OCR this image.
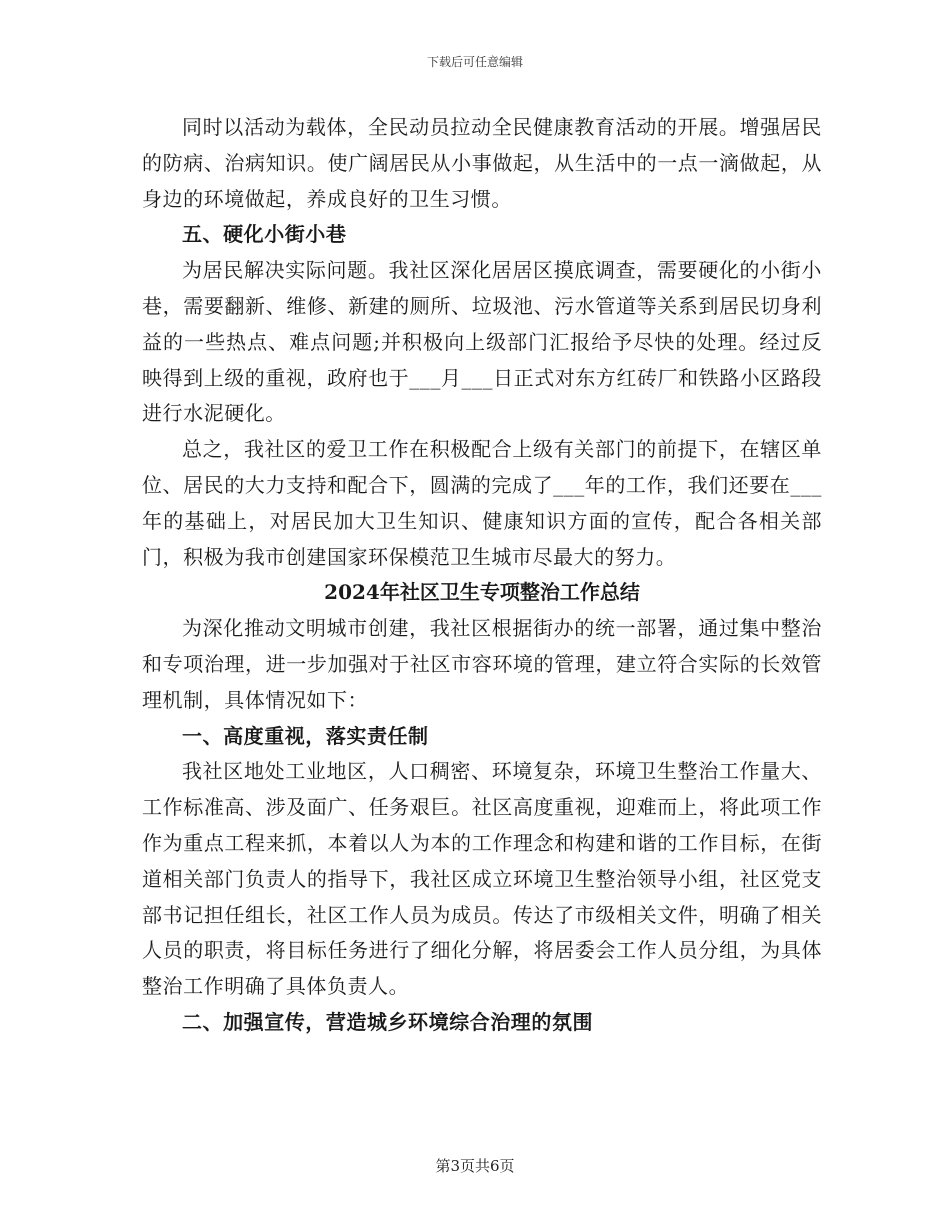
下载后可任意编辑

同时以活动为载体，全民动员拉动全民健康教育活动的开展。增强居民的防病、治病知识。使广阔居民从小事做起，从生活中的一点一滴做起，从身边的环境做起，养成良好的卫生习惯。

五、硬化小街小巷

为居民解决实际问题。我社区深化居居区摸底调查，需要硬化的小街小巷，需要翻新、维修、新建的厕所、垃圾池、污水管道等关系到居民切身利益的一些热点、难点问题;并积极向上级部门汇报给予尽快的处理。经过反映得到上级的重视，政府也于___月___日正式对东方红砖厂和铁路小区路段进行水泥硬化。

总之，我社区的爱卫工作在积极配合上级有关部门的前提下，在辖区单位、居民的大力支持和配合下，圆满的完成了___年的工作，我们还要在___年的基础上，对居民加大卫生知识、健康知识方面的宣传，配合各相关部门，积极为我市创建国家环保模范卫生城市尽最大的努力。

2024年社区卫生专项整治工作总结

为深化推动文明城市创建，我社区根据街办的统一部署，通过集中整治和专项治理，进一步加强对于社区市容环境的管理，建立符合实际的长效管理机制，具体情况如下：

一、高度重视，落实责任制

我社区地处工业地区，人口稠密、环境复杂，环境卫生整治工作量大、工作标准高、涉及面广、任务艰巨。社区高度重视，迎难而上，将此项工作作为重点工程来抓，本着以人为本的工作理念和构建和谐的工作目标，在街道相关部门负责人的指导下，我社区成立环境卫生整治领导小组，社区党支部书记担任组长，社区工作人员为成员。传达了市级相关文件，明确了相关人员的职责，将目标任务进行了细化分解，将居委会工作人员分组，为具体整治工作明确了具体负责人。

二、加强宣传，营造城乡环境综合治理的氛围

第3页共6页
